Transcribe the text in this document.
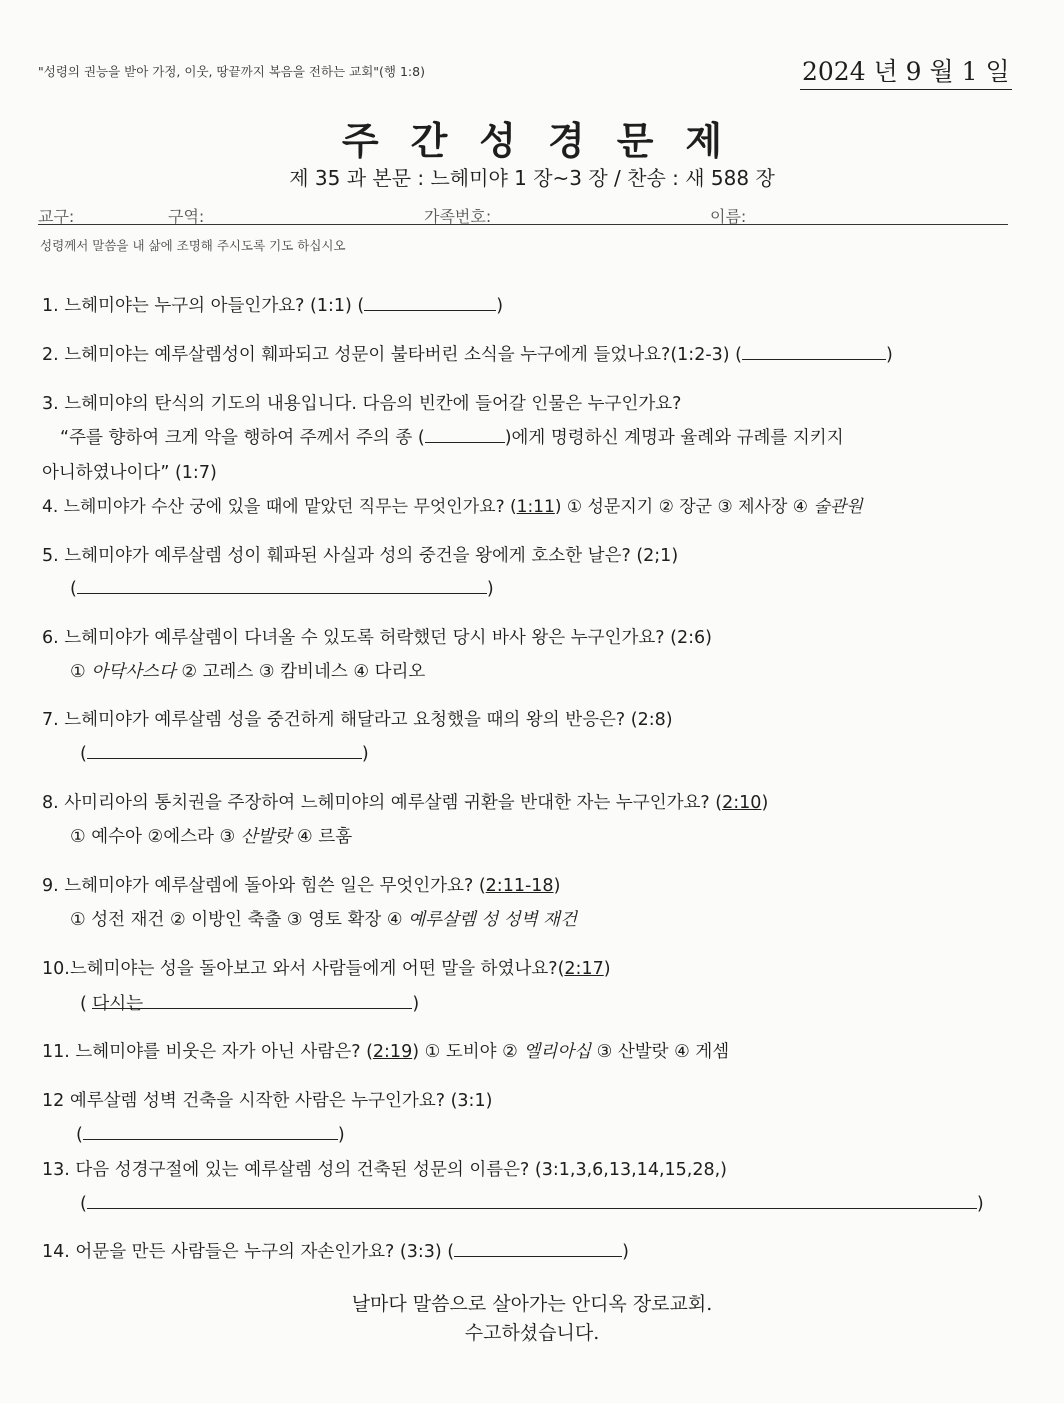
"성령의 권능을 받아 가정, 이웃, 땅끝까지 복음을 전하는 교회"(행 1:8)	2024 년 9 월 1 일
주간성경문제
제 35 과 본문 : 느헤미야 1 장~3 장 / 찬송 : 새 588 장
교구:	구역:	가족번호:	이름:
성령께서 말씀을 내 삶에 조명해 주시도록 기도 하십시오
1. 느헤미야는 누구의 아들인가요? (1:1) (	)
2. 느헤미야는 예루살렘성이 훼파되고 성문이 불타버린 소식을 누구에게 들었나요?(1:2-3) (	)
3. 느헤미야의 탄식의 기도의 내용입니다. 다음의 빈칸에 들어갈 인물은 누구인가요?
“주를 향하여 크게 악을 행하여 주께서 주의 종 (	)에게 명령하신 계명과 율례와 규례를 지키지
아니하였나이다” (1:7)
4. 느헤미야가 수산 궁에 있을 때에 맡았던 직무는 무엇인가요? (1:11) ① 성문지기 ② 장군 ③ 제사장 ④ 술관원
5. 느헤미야가 예루살렘 성이 훼파된 사실과 성의 중건을 왕에게 호소한 날은? (2;1)
(	)
6. 느헤미야가 예루살렘이 다녀올 수 있도록 허락했던 당시 바사 왕은 누구인가요? (2:6)
① 아닥사스다 ② 고레스 ③ 캄비네스 ④ 다리오
7. 느헤미야가 예루살렘 성을 중건하게 해달라고 요청했을 때의 왕의 반응은? (2:8)
(	)
8. 사미리아의 통치권을 주장하여 느헤미야의 예루살렘 귀환을 반대한 자는 누구인가요? (2:10)
① 예수아 ②에스라 ③ 산발랏 ④ 르훔
9. 느헤미야가 예루살렘에 돌아와 힘쓴 일은 무엇인가요? (2:11-18)
① 성전 재건 ② 이방인 축출 ③ 영토 확장 ④ 예루살렘 성 성벽 재건
10.느헤미야는 성을 돌아보고 와서 사람들에게 어떤 말을 하였나요?(2:17)
( 다시는	)
11. 느헤미야를 비웃은 자가 아닌 사람은? (2:19) ① 도비야 ② 엘리아십 ③ 산발랏 ④ 게셈
12 예루살렘 성벽 건축을 시작한 사람은 누구인가요? (3:1)
(	)
13. 다음 성경구절에 있는 예루살렘 성의 건축된 성문의 이름은? (3:1,3,6,13,14,15,28,)
(	)
14. 어문을 만든 사람들은 누구의 자손인가요? (3:3) (	)
날마다 말씀으로 살아가는 안디옥 장로교회.
수고하셨습니다.
